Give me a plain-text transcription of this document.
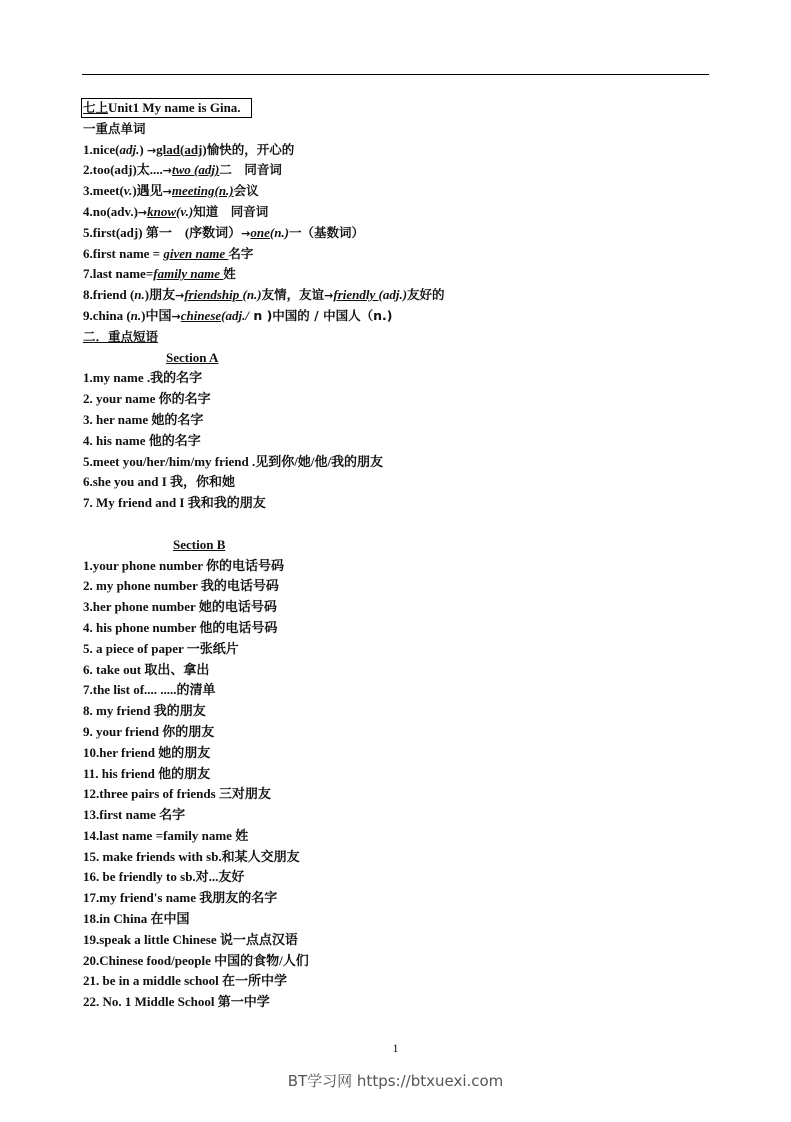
七上Unit1 My name is Gina.
一重点单词
1.nice(adj.) →glad(adj)愉快的，开心的
2.too(adj)太....→two (adj)二　同音词
3.meet(v.)遇见→meeting(n.)会议
4.no(adv.)→know(v.)知道　同音词
5.first(adj) 第一　(序数词）→one(n.)一（基数词）
6.first name = given name 名字
7.last name=family name 姓
8.friend (n.)朋友→friendship (n.)友情，友谊→friendly (adj.)友好的
9.china (n.)中国→chinese(adj./ n )中国的 / 中国人（n.)
二．重点短语
Section A
1.my name .我的名字
2. your name 你的名字
3. her name 她的名字
4. his name 他的名字
5.meet you/her/him/my friend .见到你/她/他/我的朋友
6.she you and I 我，你和她
7. My friend and I 我和我的朋友
Section B
1.your phone number 你的电话号码
2. my phone number 我的电话号码
3.her phone number 她的电话号码
4. his phone number 他的电话号码
5. a piece of paper 一张纸片
6. take out 取出、拿出
7.the list of.... .....的清单
8. my friend 我的朋友
9. your friend 你的朋友
10.her friend 她的朋友
11. his friend 他的朋友
12.three pairs of friends 三对朋友
13.first name 名字
14.last name =family name 姓
15. make friends with sb.和某人交朋友
16. be friendly to sb.对...友好
17.my friend's name 我朋友的名字
18.in China 在中国
19.speak a little Chinese 说一点点汉语
20.Chinese food/people 中国的食物/人们
21. be in a middle school 在一所中学
22. No. 1 Middle School 第一中学
1
BT学习网 https://btxuexi.com
